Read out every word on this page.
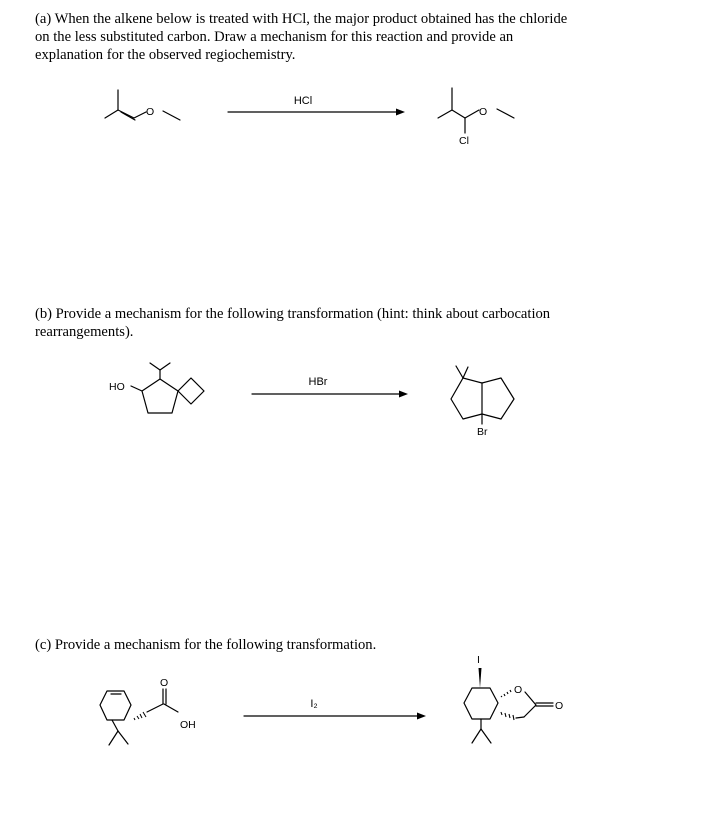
(a) When the alkene below is treated with HCl, the major product obtained has the chloride
on the less substituted carbon. Draw a mechanism for this reaction and provide an
explanation for the observed regiochemistry.
(b) Provide a mechanism for the following transformation (hint: think about carbocation
rearrangements).
(c) Provide a mechanism for the following transformation.
O
HCl
O
Cl
HO	HBr
Br
O
OH
I₂
I
O
O
